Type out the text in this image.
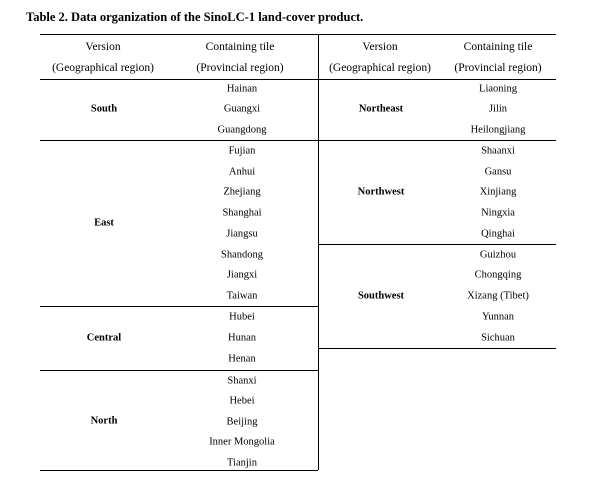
Table 2. Data organization of the SinoLC-1 land-cover product.
Version
(Geographical region)
Containing tile
(Provincial region)
Version
(Geographical region)
Containing tile
(Provincial region)
South
Hainan
Guangxi
Guangdong
East
Fujian
Anhui
Zhejiang
Shanghai
Jiangsu
Shandong
Jiangxi
Taiwan
Central
Hubei
Hunan
Henan
North
Shanxi
Hebei
Beijing
Inner Mongolia
Tianjin
Northeast
Liaoning
Jilin
Heilongjiang
Northwest
Shaanxi
Gansu
Xinjiang
Ningxia
Qinghai
Southwest
Guizhou
Chongqing
Xizang (Tibet)
Yunnan
Sichuan
